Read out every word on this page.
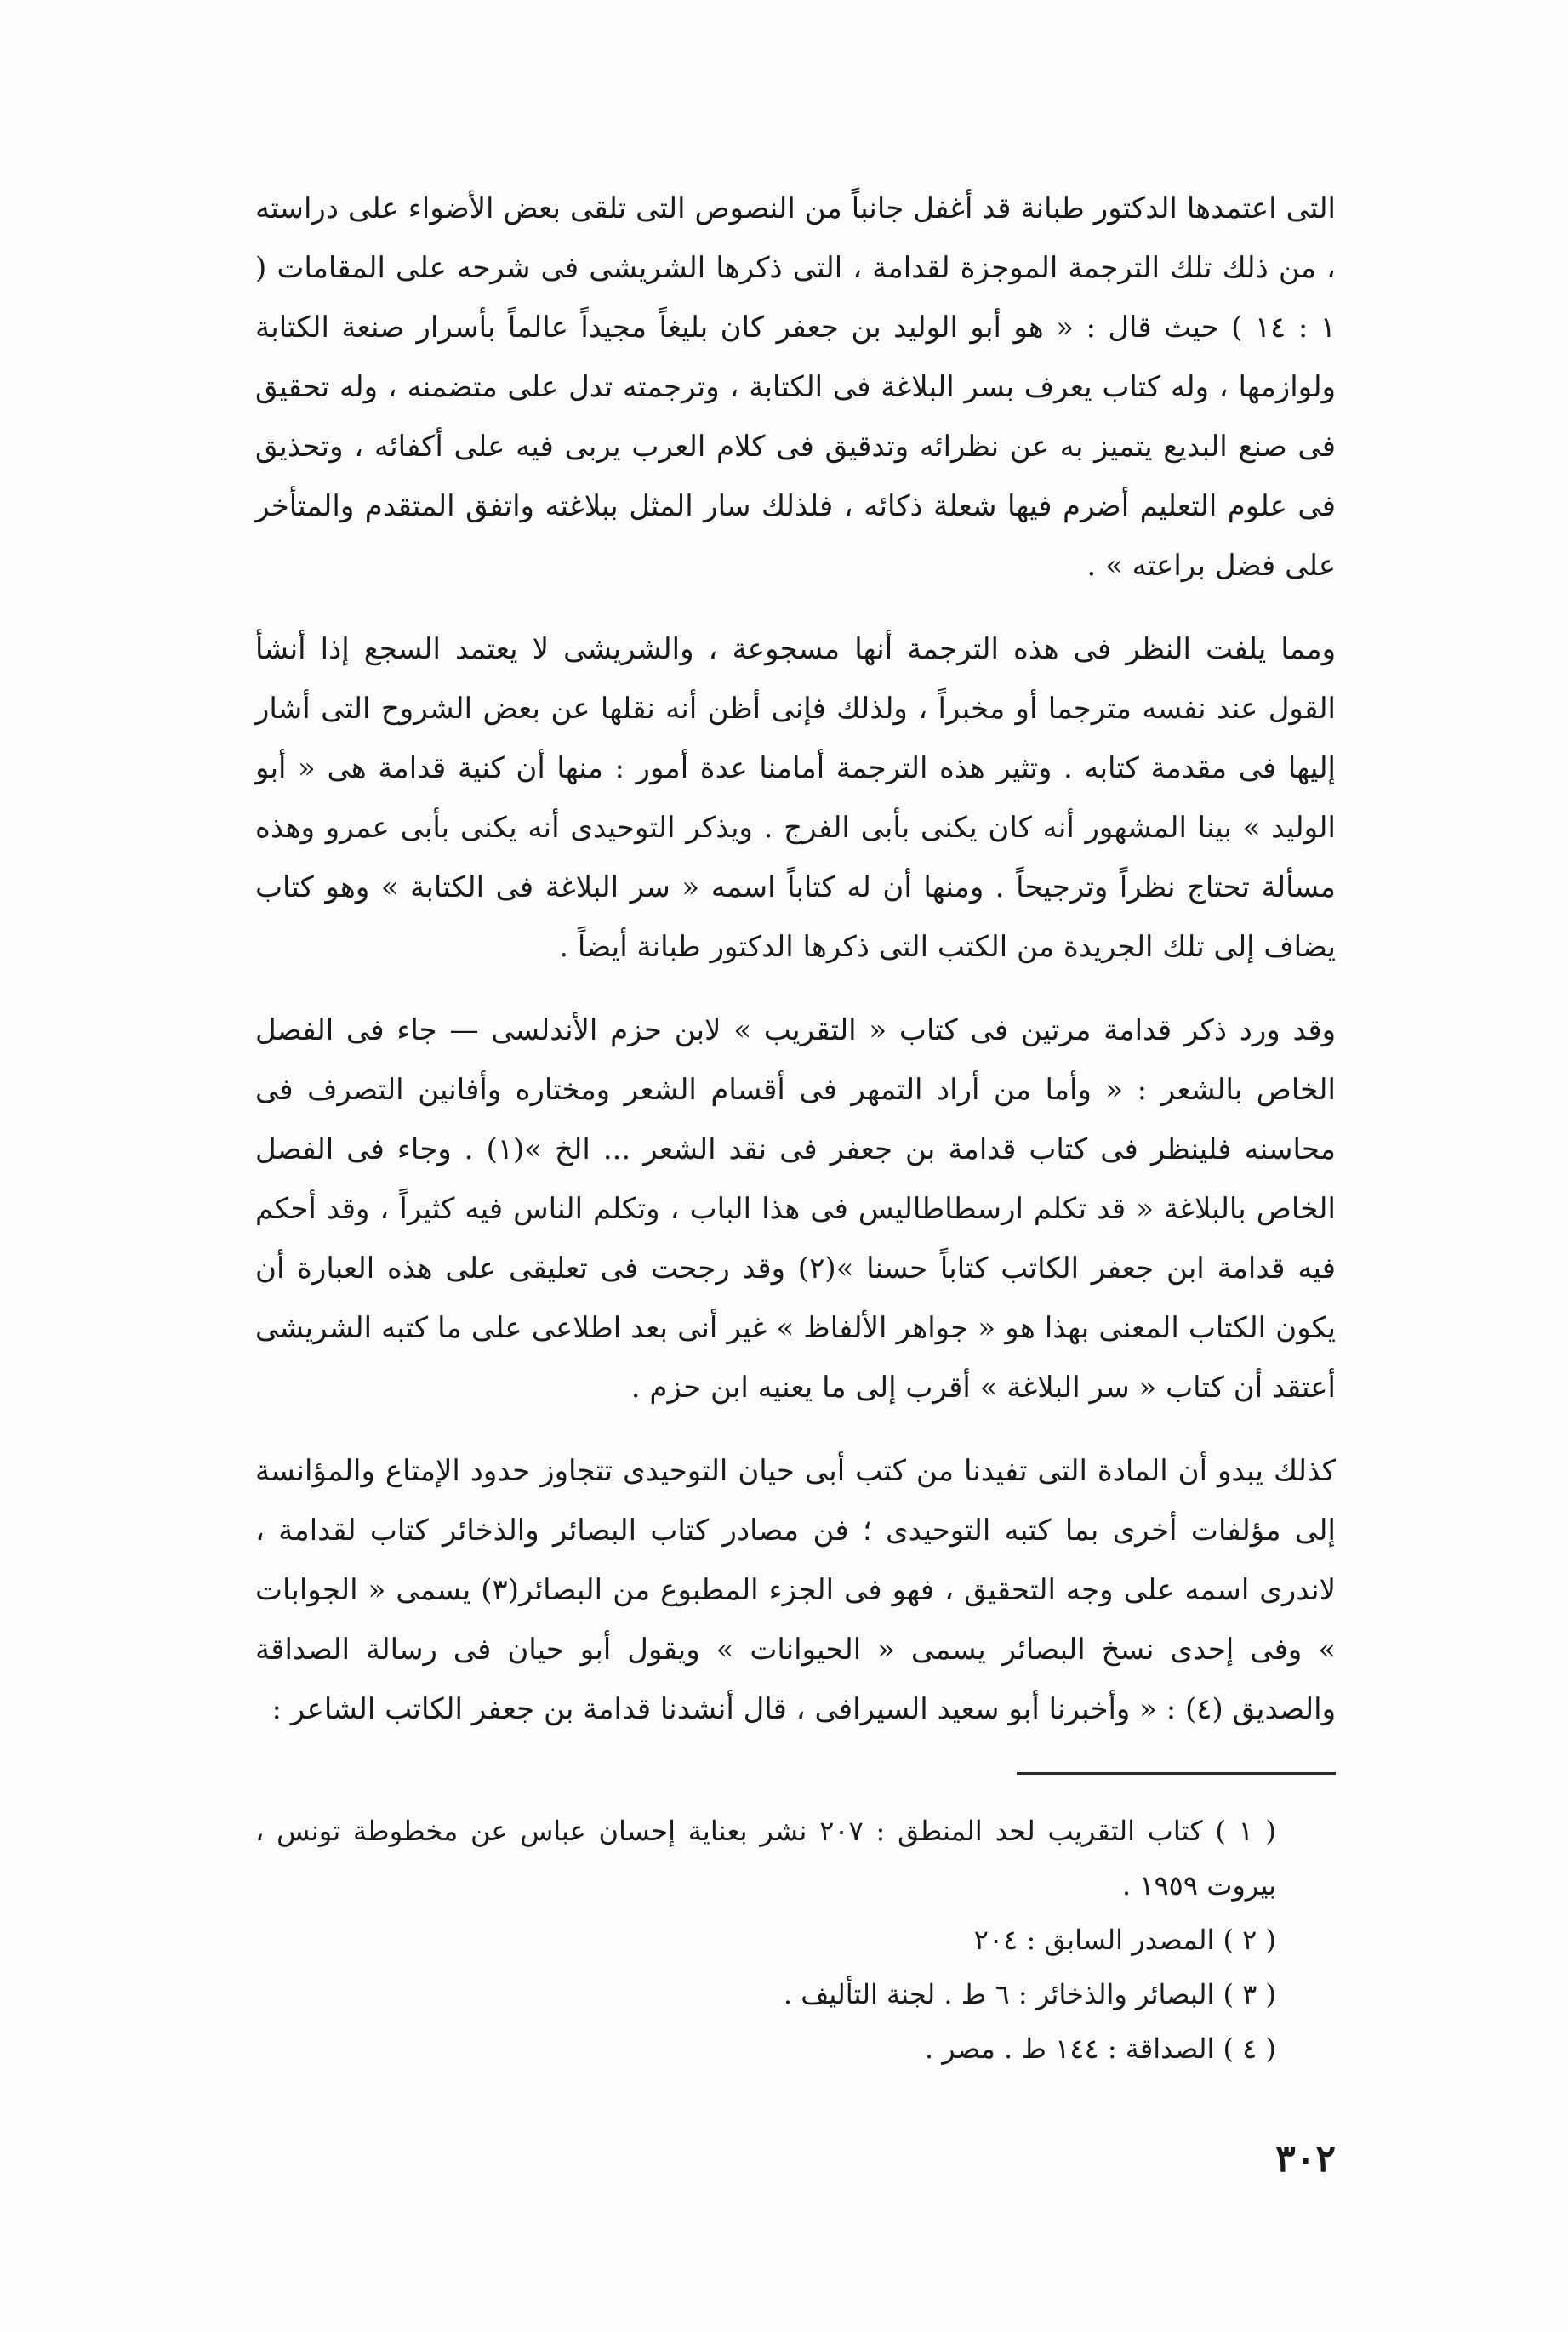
التى اعتمدها الدكتور طبانة قد أغفل جانباً من النصوص التى تلقى بعض الأضواء على دراسته ، من ذلك تلك الترجمة الموجزة لقدامة ، التى ذكرها الشريشى فى شرحه على المقامات ( ١ : ١٤ ) حيث قال : « هو أبو الوليد بن جعفر كان بليغاً مجيداً عالماً بأسرار صنعة الكتابة ولوازمها ، وله كتاب يعرف بسر البلاغة فى الكتابة ، وترجمته تدل على متضمنه ، وله تحقيق فى صنع البديع يتميز به عن نظرائه وتدقيق فى كلام العرب يربى فيه على أكفائه ، وتحذيق فى علوم التعليم أضرم فيها شعلة ذكائه ، فلذلك سار المثل ببلاغته واتفق المتقدم والمتأخر على فضل براعته » .

ومما يلفت النظر فى هذه الترجمة أنها مسجوعة ، والشريشى لا يعتمد السجع إذا أنشأ القول عند نفسه مترجما أو مخبراً ، ولذلك فإنى أظن أنه نقلها عن بعض الشروح التى أشار إليها فى مقدمة كتابه . وتثير هذه الترجمة أمامنا عدة أمور : منها أن كنية قدامة هى « أبو الوليد » بينا المشهور أنه كان يكنى بأبى الفرج . ويذكر التوحيدى أنه يكنى بأبى عمرو وهذه مسألة تحتاج نظراً وترجيحاً . ومنها أن له كتاباً اسمه « سر البلاغة فى الكتابة » وهو كتاب يضاف إلى تلك الجريدة من الكتب التى ذكرها الدكتور طبانة أيضاً .

وقد ورد ذكر قدامة مرتين فى كتاب « التقريب » لابن حزم الأندلسى — جاء فى الفصل الخاص بالشعر : « وأما من أراد التمهر فى أقسام الشعر ومختاره وأفانين التصرف فى محاسنه فلينظر فى كتاب قدامة بن جعفر فى نقد الشعر ... الخ »(١) . وجاء فى الفصل الخاص بالبلاغة « قد تكلم ارسطاطاليس فى هذا الباب ، وتكلم الناس فيه كثيراً ، وقد أحكم فيه قدامة ابن جعفر الكاتب كتاباً حسنا »(٢) وقد رجحت فى تعليقى على هذه العبارة أن يكون الكتاب المعنى بهذا هو « جواهر الألفاظ » غير أنى بعد اطلاعى على ما كتبه الشريشى أعتقد أن كتاب « سر البلاغة » أقرب إلى ما يعنيه ابن حزم .

كذلك يبدو أن المادة التى تفيدنا من كتب أبى حيان التوحيدى تتجاوز حدود الإمتاع والمؤانسة إلى مؤلفات أخرى بما كتبه التوحيدى ؛ فن مصادر كتاب البصائر والذخائر كتاب لقدامة ، لاندرى اسمه على وجه التحقيق ، فهو فى الجزء المطبوع من البصائر(٣) يسمى « الجوابات » وفى إحدى نسخ البصائر يسمى « الحيوانات » ويقول أبو حيان فى رسالة الصداقة والصديق (٤) : « وأخبرنا أبو سعيد السيرافى ، قال أنشدنا قدامة بن جعفر الكاتب الشاعر :

( ١ ) كتاب التقريب لحد المنطق : ٢٠٧ نشر بعناية إحسان عباس عن مخطوطة تونس ، بيروت ١٩٥٩ .

( ٢ ) المصدر السابق : ٢٠٤

( ٣ ) البصائر والذخائر : ٦ ط . لجنة التأليف .

( ٤ ) الصداقة : ١٤٤ ط . مصر .

٣٠٢
